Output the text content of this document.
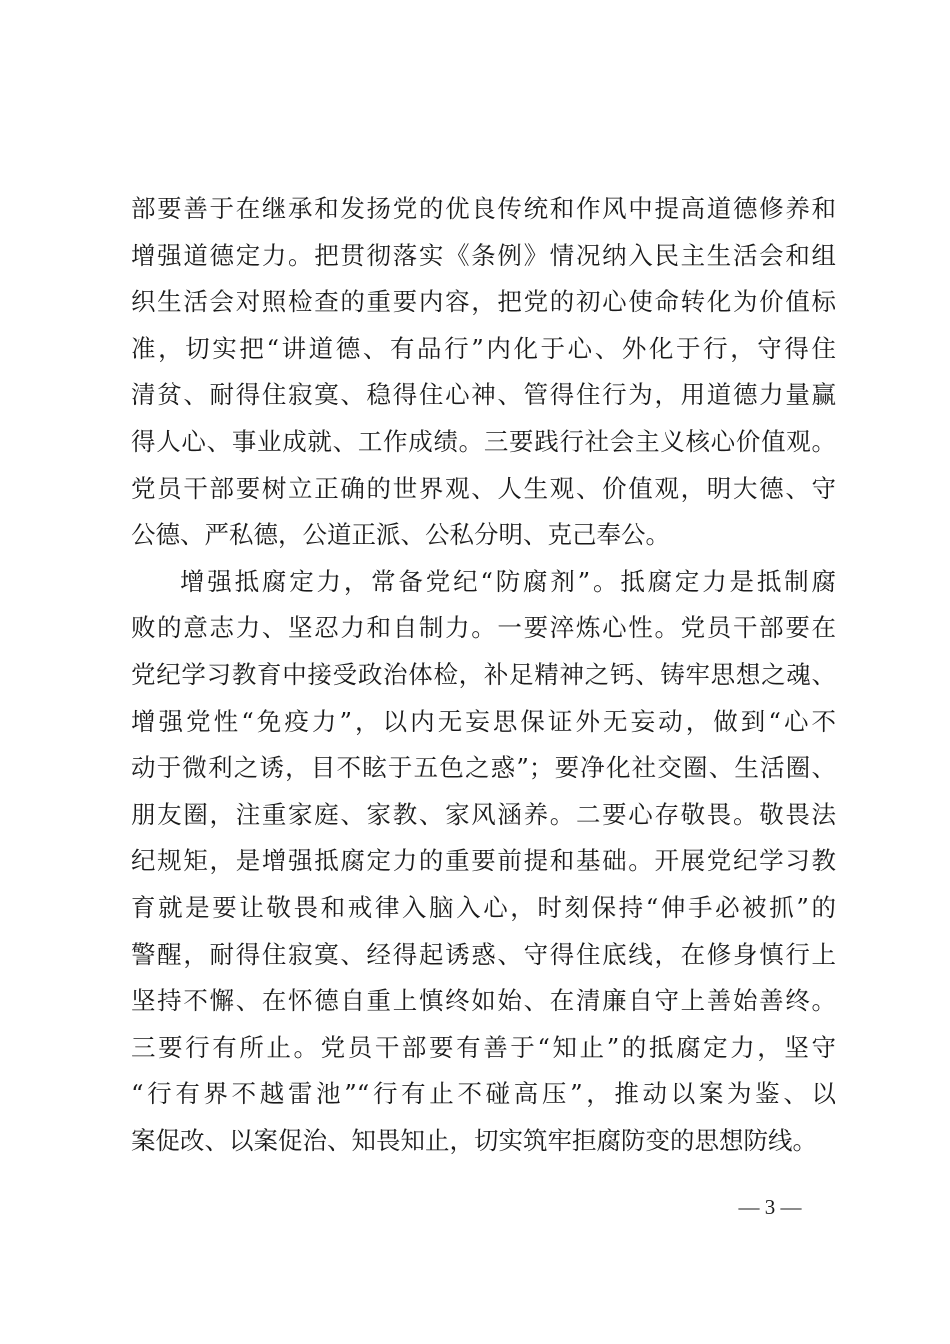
部要善于在继承和发扬党的优良传统和作风中提高道德修养和
增强道德定力。把贯彻落实《条例》情况纳入民主生活会和组
织生活会对照检查的重要内容，把党的初心使命转化为价值标
准，切实把“讲道德、有品行”内化于心、外化于行，守得住
清贫、耐得住寂寞、稳得住心神、管得住行为，用道德力量赢
得人心、事业成就、工作成绩。三要践行社会主义核心价值观。
党员干部要树立正确的世界观、人生观、价值观，明大德、守
公德、严私德，公道正派、公私分明、克己奉公。
增强抵腐定力，常备党纪“防腐剂”。抵腐定力是抵制腐
败的意志力、坚忍力和自制力。一要淬炼心性。党员干部要在
党纪学习教育中接受政治体检，补足精神之钙、铸牢思想之魂、
增强党性“免疫力”，以内无妄思保证外无妄动，做到“心不
动于微利之诱，目不眩于五色之惑”；要净化社交圈、生活圈、
朋友圈，注重家庭、家教、家风涵养。二要心存敬畏。敬畏法
纪规矩，是增强抵腐定力的重要前提和基础。开展党纪学习教
育就是要让敬畏和戒律入脑入心，时刻保持“伸手必被抓”的
警醒，耐得住寂寞、经得起诱惑、守得住底线，在修身慎行上
坚持不懈、在怀德自重上慎终如始、在清廉自守上善始善终。
三要行有所止。党员干部要有善于“知止”的抵腐定力，坚守
“行有界不越雷池”“行有止不碰高压”，推动以案为鉴、以
案促改、以案促治、知畏知止，切实筑牢拒腐防变的思想防线。
— 3 —
